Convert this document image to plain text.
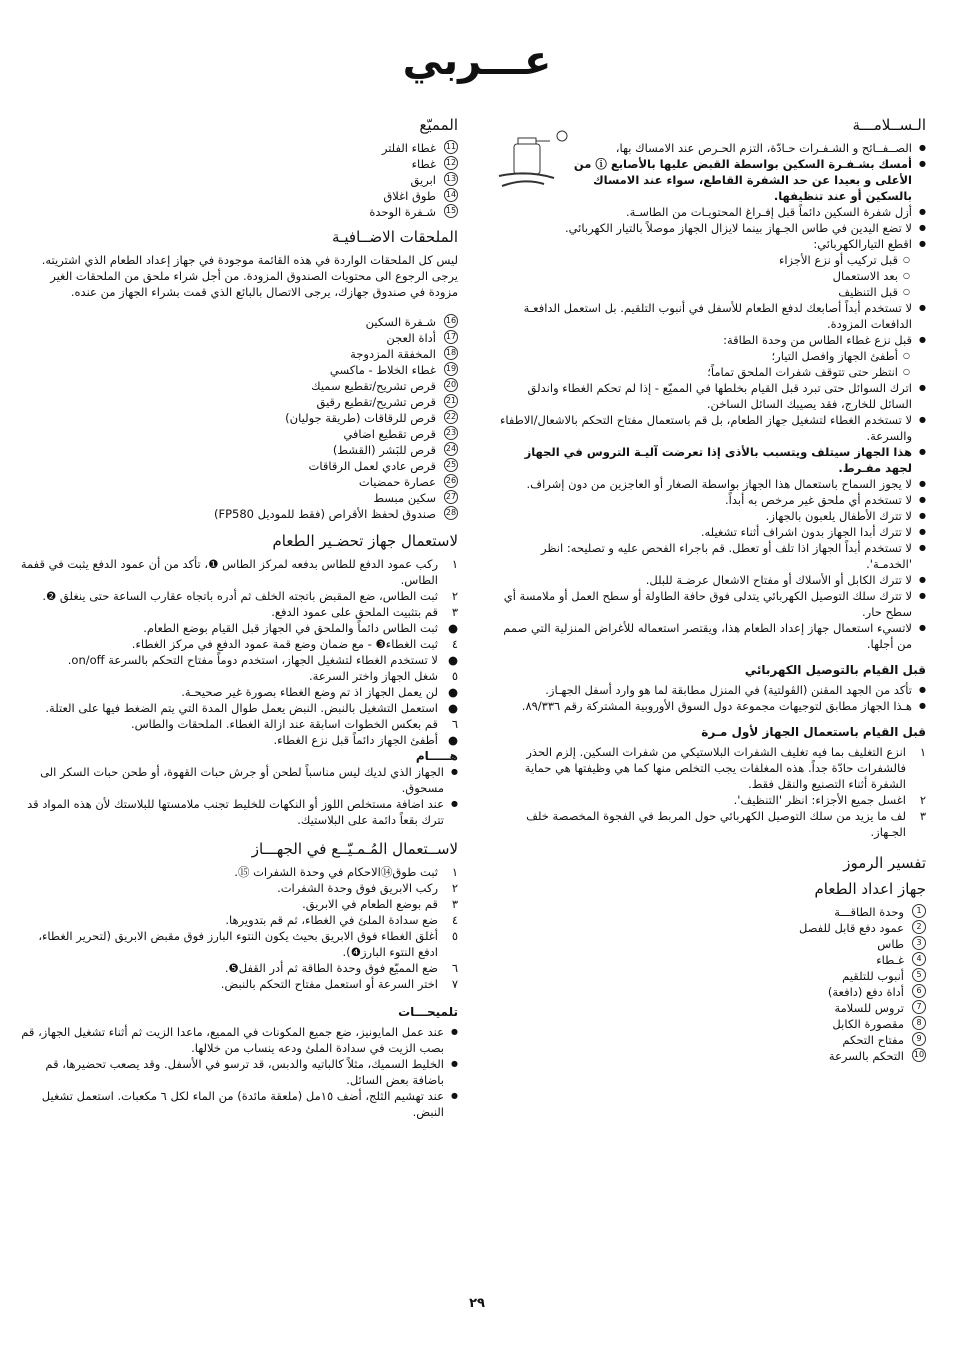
عـــربي
الـســلامـــة
● الصــفــائح و الشـفـرات حـادّة، التزم الحـرص عند الامساك بها،
● أمسك بشـفـرة السكين بواسطة القبض عليها بالأصابع ⓘ من الأعلى و بعيدا عن حد الشفرة القاطع، سواء عند الامساك بالسكين أو عند تنظيفها.
● أزل شفرة السكين دائماً قبل إفـراغ المحتويـات من الطاسـة.
● لا تضع اليدين في طاس الجـهاز بينما لايزال الجهاز موصلاً بالتيار الكهربائي.
● اقطع التيارالكهربائي:
○ قبل تركيب أو نزع الأجزاء
○ بعد الاستعمال
○ قبل التنظيف
● لا تستخدم أبداً أصابعك لدفع الطعام للأسفل في أنبوب التلقيم. بل استعمل الدافعـة الدافعات المزودة.
● قبل نزع غطاء الطاس من وحدة الطاقة:
○ أطفئ الجهاز وافصل التيار؛
○ انتظر حتى تتوقف شفرات الملحق تماماً؛
● اترك السوائل حتى تبرد قبل القيام بخلطها في المميّع - إذا لم تحكم الغطاء واندلق السائل للخارج، فقد يصيبك السائل الساخن.
● لا تستخدم الغطاء لتشغيل جهاز الطعام، بل قم باستعمال مفتاح التحكم بالاشعال/الاطفاء والسرعة.
● هذا الجهاز سيتلف ويتسبب بالأذى إذا تعرضت آليـة التروس في الجهاز لجهد مفـرط.
● لا يجوز السماح باستعمال هذا الجهاز بواسطة الصغار أو العاجزين من دون إشراف.
● لا تستخدم أي ملحق غير مرخص به أبداً.
● لا تترك الأطفال يلعبون بالجهاز.
● لا تترك أبدا الجهاز بدون اشراف أثناء تشغيله.
● لا تستخدم أبداً الجهاز اذا تلف أو تعطل. قم باجراء الفحص عليه و تصليحه: انظر 'الخدمـة'.
● لا تترك الكابل أو الأسلاك أو مفتاح الاشعال عرضـة للبلل.
● لا تترك سلك التوصيل الكهربائي يتدلى فوق حافة الطاولة أو سطح العمل أو ملامسة أي سطح حار.
● لاتسيء استعمال جهاز إعداد الطعام هذا، ويقتصر استعماله للأغراض المنزلية التي صمم من أجلها.
قبل القيام بالتوصيل الكهربائي
● تأكد من الجهد المقنن (الڤولتية) في المنزل مطابقة لما هو وارد أسفل الجهـاز.
● هـذا الجهاز مطابق لتوجيهات مجموعة دول السوق الأوروبية المشتركة رقم ٨٩/٣٣٦.
قبل القيام باستعمال الجهاز لأول مـرة
١
انزع التغليف بما فيه تغليف الشفرات البلاستيكي من شفرات السكين. إلزم الحذر فالشفرات حادّة جداً. هذه المغلفات يجب التخلص منها كما هي وظيفتها هي حماية الشفرة أثناء التصنيع والنقل فقط.
٢
اغسل جميع الأجزاء: انظر 'التنظيف'.
٣
لف ما يزيد من سلك التوصيل الكهربائي حول المربط في الفجوة المخصصة خلف الجـهاز.
تفسير الرموز
جهاز اعداد الطعام
1
وحدة الطاقـــة
2
عمود دفع قابل للفصل
3
طاس
4
غـطاء
5
أنبوب للتلقيم
6
أداة دفع (دافعة)
7
تروس للسلامة
8
مقصورة الكابل
9
مفتاح التحكم
10
التحكم بالسرعة
المميّع
11
غطاء الفلتر
12
غطاء
13
ابريق
14
طوق اغلاق
15
شـفرة الوحدة
الملحقات الاضــافيـة

ليس كل الملحقات الواردة في هذه القائمة موجودة في جهاز إعداد الطعام الذي اشتريته. يرجى الرجوع الى محتويات الصندوق المزودة. من أجل شراء ملحق من الملحقات الغير مزودة في صندوق جهازك، يرجى الاتصال بالبائع الذي قمت بشراء الجهاز من عنده.

16
شـفرة السكين
17
أداة العجن
18
المخفقة المزدوجة
19
غطاء الخلاط - ماكسي
20
قرص تشريح/تقطيع سميك
21
قرص تشريح/تقطيع رقيق
22
قرص للرقاقات (طريقة جوليان)
23
قرص تقطيع اضافي
24
قرص للبَشر (القشط)
25
قرص عادي لعمل الرقاقات
26
عصارة حمضيات
27
سكين مبسط
28
صندوق لحفظ الأقراص (فقط للموديل FP580)
لاستعمال جهاز تحضـير الطعام
١
ركب عمود الدفع للطاس بدفعه لمركز الطاس ❶، تأكد من أن عمود الدفع يثبت في قفمة الطاس.
٢
ثبت الطاس، ضع المقبض باتجته الخلف ثم أدره باتجاه عقارب الساعة حتى ينغلق ❷.
٣
قم بتثبيت الملحق على عمود الدفع.
●
ثبت الطاس دائماً والملحق في الجهاز قبل القيام بوضع الطعام.
٤
ثبت الغطاء❸ - مع ضمان وضع قمة عمود الدفع في مركز الغطاء.
●
لا تستخدم الغطاء لتشغيل الجهاز، استخدم دوماً مفتاح التحكم بالسرعة on/off.
٥
شغل الجهاز واختر السرعة.
●
لن يعمل الجهاز اذ تم وضع الغطاء بصورة غير صحيحـة.
●
استعمل التشغيل بالنبض. النبض يعمل طوال المدة التي يتم الضغط فيها على العتلة.
٦
قم بعكس الخطوات اسابقة عند ازالة الغطاء. الملحقات والطاس.
●
أطفئ الجهاز دائماً قبل نزع الغطاء.
هـــــام
● الجهاز الذي لديك ليس مناسباً لطحن أو جرش حبات القهوة، أو طحن حبات السكر الى مسحوق.
● عند اضافة مستخلص اللوز أو النكهات للخليط تجنب ملامستها للبلاستك لأن هذه المواد قد تترك بقعاً دائمة على البلاستيك.
لاســتعمال المُـمـيّــع في الجهـــاز
١
ثبت طوق⑭الاحكام في وحدة الشفرات ⑮.
٢
ركب الابريق فوق وحدة الشفرات.
٣
قم بوضع الطعام في الابريق.
٤
ضع سدادة الملئ في الغطاء، ثم قم بتدويرها.
٥
أغلق الغطاء فوق الابريق بحيث يكون النتوء البارز فوق مقبض الابريق (لتحرير الغطاء، ادفع النتوء البارز❹).
٦
ضع المميّع فوق وحدة الطاقة ثم أدر القفل❺.
٧
اختر السرعة أو استعمل مفتاح التحكم بالنبض.
تلميحـــات
● عند عمل المايونيز، ضع جميع المكونات في المميع، ماعدا الزيت ثم أثناء تشغيل الجهاز، قم بصب الزيت في سدادة الملئ ودعه ينساب من خلالها.
● الخليط السميك، مثلاً كالباتيه والدبس، قد ترسو في الأسفل. وقد يصعب تحضيرها، قم باضافة بعض السائل.
● عند تهشيم الثلج، أضف ١٥مل (ملعقة مائدة) من الماء لكل ٦ مكعبات. استعمل تشغيل النبض.
٢٩
